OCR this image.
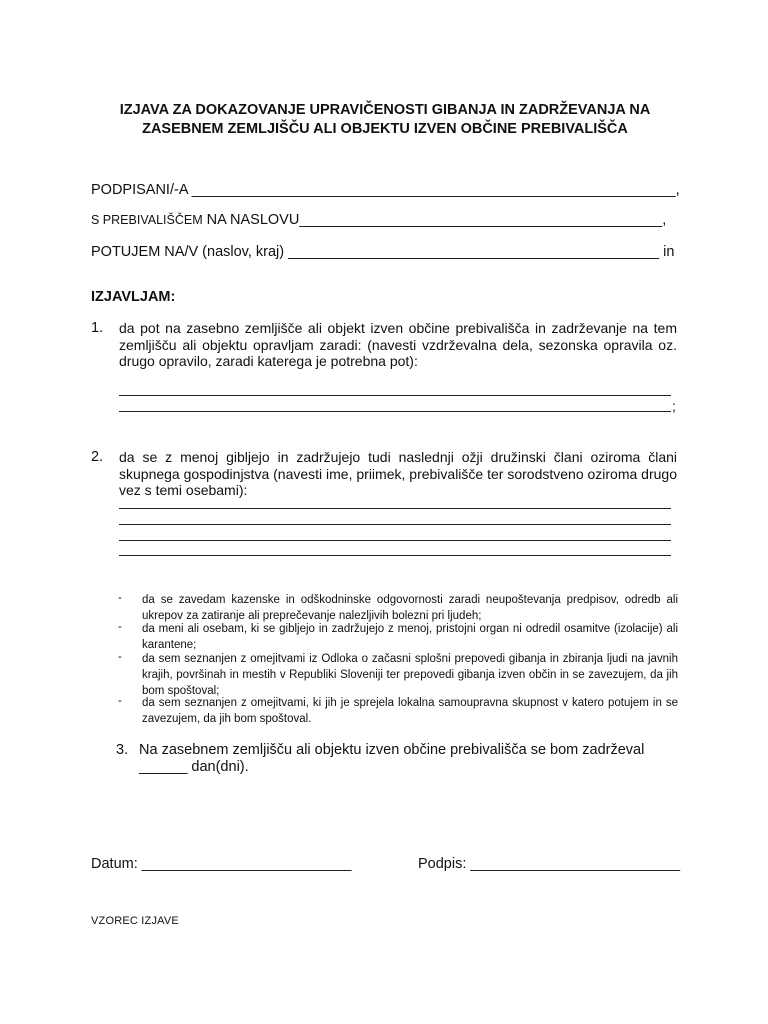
IZJAVA ZA DOKAZOVANJE UPRAVIČENOSTI GIBANJA IN ZADRŽEVANJA NA
ZASEBNEM ZEMLJIŠČU ALI OBJEKTU IZVEN OBČINE PREBIVALIŠČA
PODPISANI/-A ____________________________________________________________,
S PREBIVALIŠČEM NA NASLOVU_____________________________________________,
POTUJEM NA/V (naslov, kraj) ______________________________________________ in
IZJAVLJAM:
1. da pot na zasebno zemljišče ali objekt izven občine prebivališča in zadrževanje na tem zemljišču ali objektu opravljam zaradi: (navesti vzdrževalna dela, sezonska opravila oz. drugo opravilo, zaradi katerega je potrebna pot):
;
2. da se z menoj gibljejo in zadržujejo tudi naslednji ožji družinski člani oziroma člani skupnega gospodinjstva (navesti ime, priimek, prebivališče ter sorodstveno oziroma drugo vez s temi osebami):
- da se zavedam kazenske in odškodninske odgovornosti zaradi neupoštevanja predpisov, odredb ali ukrepov za zatiranje ali preprečevanje nalezljivih bolezni pri ljudeh;
- da meni ali osebam, ki se gibljejo in zadržujejo z menoj, pristojni organ ni odredil osamitve (izolacije) ali karantene;
- da sem seznanjen z omejitvami iz Odloka o začasni splošni prepovedi gibanja in zbiranja ljudi na javnih krajih, površinah in mestih v Republiki Sloveniji ter prepovedi gibanja izven občin in se zavezujem, da jih bom spoštoval;
- da sem seznanjen z omejitvami, ki jih je sprejela lokalna samoupravna skupnost v katero potujem in se zavezujem, da jih bom spoštoval.
3. Na zasebnem zemljišču ali objektu izven občine prebivališča se bom zadrževal ______ dan(dni).
Datum: __________________________	Podpis: __________________________
VZOREC IZJAVE
